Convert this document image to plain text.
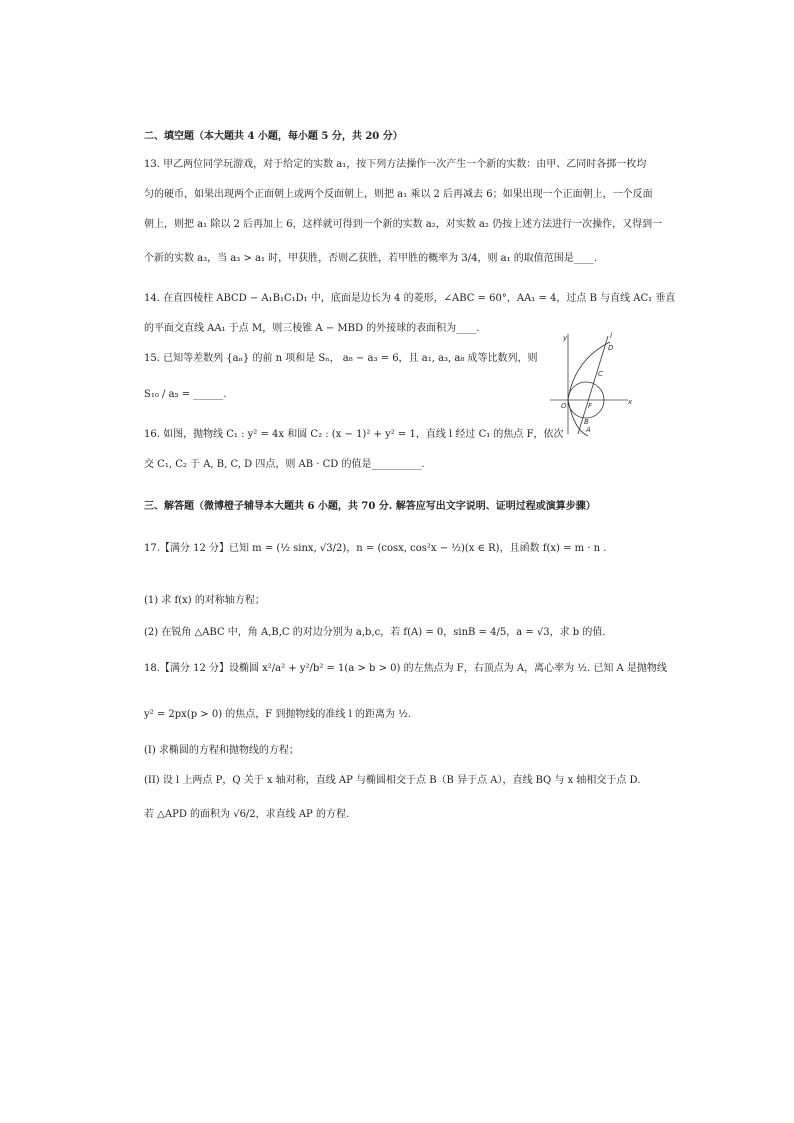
二、填空题（本大题共 4 小题，每小题 5 分，共 20 分）
13. 甲乙两位同学玩游戏，对于给定的实数 a₁，按下列方法操作一次产生一个新的实数：由甲、乙同时各掷一枚均
匀的硬币，如果出现两个正面朝上或两个反面朝上，则把 a₁ 乘以 2 后再减去 6；如果出现一个正面朝上，一个反面
朝上，则把 a₁ 除以 2 后再加上 6，这样就可得到一个新的实数 a₂，对实数 a₂ 仍按上述方法进行一次操作，又得到一
个新的实数 a₃，当 a₃ > a₁ 时，甲获胜，否则乙获胜，若甲胜的概率为 3/4，则 a₁ 的取值范围是____.
14. 在直四棱柱 ABCD − A₁B₁C₁D₁ 中，底面是边长为 4 的菱形，∠ABC = 60°，AA₁ = 4，过点 B 与直线 AC₁ 垂直
的平面交直线 AA₁ 于点 M，则三棱锥 A − MBD 的外接球的表面积为____.
15. 已知等差数列 {aₙ} 的前 n 项和是 Sₙ， a₈ − a₃ = 6，且 a₁, a₃, a₈ 成等比数列，则
S₁₀ / a₅ = ______.
16. 如图，抛物线 C₁ : y² = 4x 和圆 C₂ : (x − 1)² + y² = 1，直线 l 经过 C₁ 的焦点 F，依次
交 C₁, C₂ 于 A, B, C, D 四点，则 AB · CD 的值是__________.
y	l
D
C
O	F	x
B
A
三、解答题（微博橙子辅导本大题共 6 小题，共 70 分. 解答应写出文字说明、证明过程或演算步骤）
17.【满分 12 分】已知 m = (½ sinx, √3/2)，n = (cosx, cos²x − ½)(x ∈ R)，且函数 f(x) = m · n .
(1) 求 f(x) 的对称轴方程；
(2) 在锐角 △ABC 中，角 A,B,C 的对边分别为 a,b,c，若 f(A) = 0，sinB = 4/5，a = √3，求 b 的值.
18.【满分 12 分】设椭圆 x²/a² + y²/b² = 1(a > b > 0) 的左焦点为 F，右顶点为 A，离心率为 ½. 已知 A 是抛物线
y² = 2px(p > 0) 的焦点，F 到抛物线的准线 l 的距离为 ½.
(I) 求椭圆的方程和抛物线的方程；
(II) 设 l 上两点 P，Q 关于 x 轴对称，直线 AP 与椭圆相交于点 B（B 异于点 A），直线 BQ 与 x 轴相交于点 D.
若 △APD 的面积为 √6/2，求直线 AP 的方程.
